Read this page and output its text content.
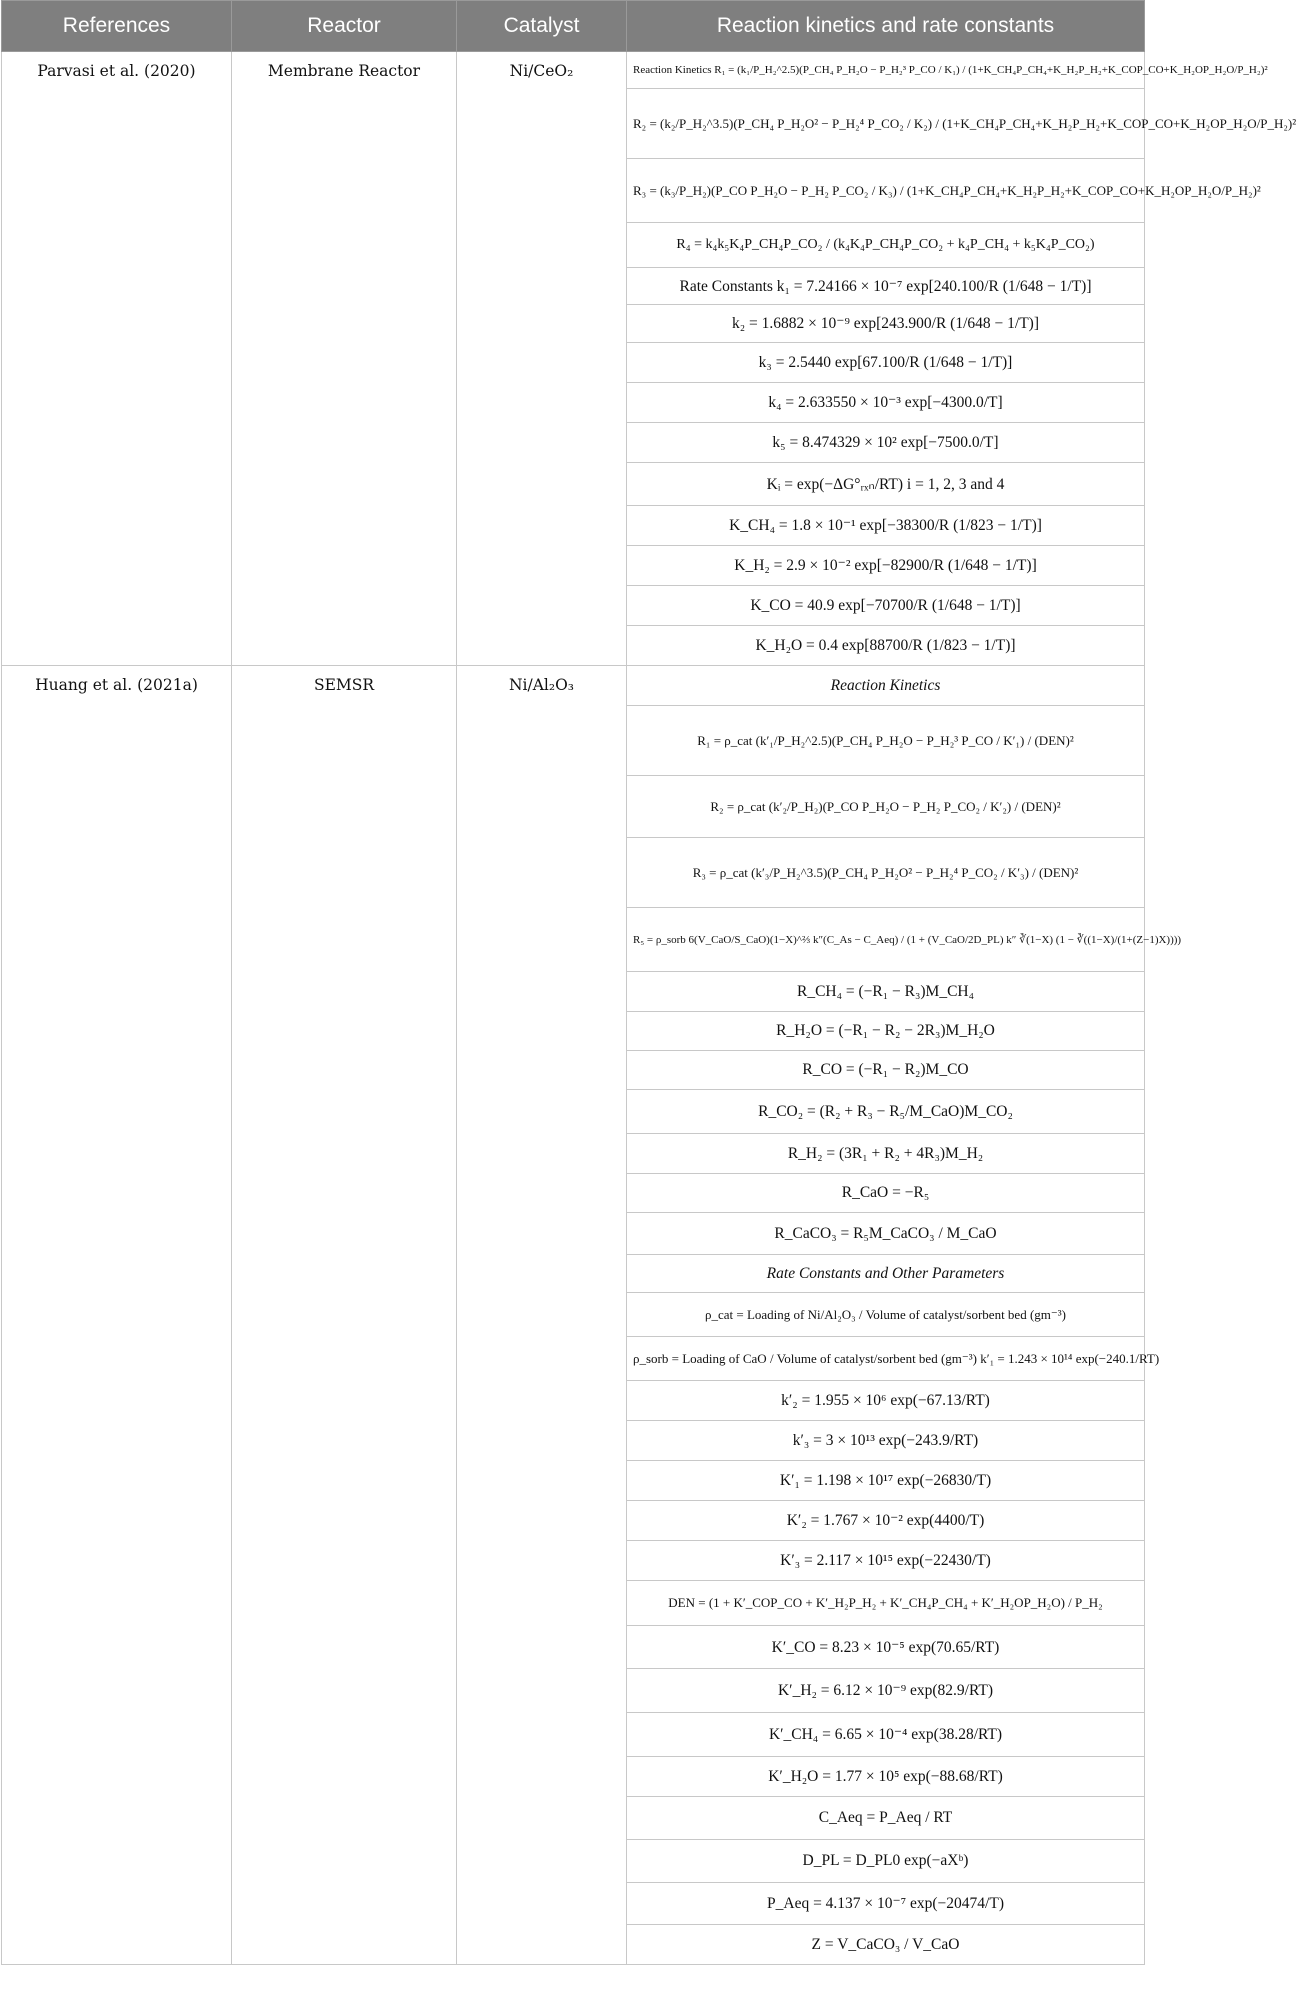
References	Reactor	Catalyst	Reaction kinetics and rate constants
Parvasi et al. (2020)	Membrane Reactor	Ni/CeO₂	Reaction Kinetics R₁ = (k₁/P_H₂^2.5)(P_CH₄ P_H₂O − P_H₂³ P_CO / K₁) / (1+K_CH₄P_CH₄+K_H₂P_H₂+K_COP_CO+K_H₂OP_H₂O/P_H₂)²
			R₂ = (k₂/P_H₂^3.5)(P_CH₄ P_H₂O² − P_H₂⁴ P_CO₂ / K₂) / (1+K_CH₄P_CH₄+K_H₂P_H₂+K_COP_CO+K_H₂OP_H₂O/P_H₂)²
			R₃ = (k₃/P_H₂)(P_CO P_H₂O − P_H₂ P_CO₂ / K₃) / (1+K_CH₄P_CH₄+K_H₂P_H₂+K_COP_CO+K_H₂OP_H₂O/P_H₂)²
			R₄ = k₄k₅K₄P_CH₄P_CO₂ / (k₄K₄P_CH₄P_CO₂ + k₄P_CH₄ + k₅K₄P_CO₂)
			Rate Constants k₁ = 7.24166 × 10⁻⁷ exp[240.100/R (1/648 − 1/T)]
			k₂ = 1.6882 × 10⁻⁹ exp[243.900/R (1/648 − 1/T)]
			k₃ = 2.5440 exp[67.100/R (1/648 − 1/T)]
			k₄ = 2.633550 × 10⁻³ exp[−4300.0/T]
			k₅ = 8.474329 × 10² exp[−7500.0/T]
			Kᵢ = exp(−ΔG°ᵣₓₙ/RT) i = 1, 2, 3 and 4
			K_CH₄ = 1.8 × 10⁻¹ exp[−38300/R (1/823 − 1/T)]
			K_H₂ = 2.9 × 10⁻² exp[−82900/R (1/648 − 1/T)]
			K_CO = 40.9 exp[−70700/R (1/648 − 1/T)]
			K_H₂O = 0.4 exp[88700/R (1/823 − 1/T)]
Huang et al. (2021a)	SEMSR	Ni/Al₂O₃	Reaction Kinetics
			R₁ = ρ_cat (k′₁/P_H₂^2.5)(P_CH₄ P_H₂O − P_H₂³ P_CO / K′₁) / (DEN)²
			R₂ = ρ_cat (k′₂/P_H₂)(P_CO P_H₂O − P_H₂ P_CO₂ / K′₂) / (DEN)²
			R₃ = ρ_cat (k′₃/P_H₂^3.5)(P_CH₄ P_H₂O² − P_H₂⁴ P_CO₂ / K′₃) / (DEN)²
			R₅ = ρ_sorb 6(V_CaO/S_CaO)(1−X)^⅔ k″(C_As − C_Aeq) / (1 + (V_CaO/2D_PL) k″ ∛(1−X) (1 − ∛((1−X)/(1+(Z−1)X))))
			R_CH₄ = (−R₁ − R₃)M_CH₄
			R_H₂O = (−R₁ − R₂ − 2R₃)M_H₂O
			R_CO = (−R₁ − R₂)M_CO
			R_CO₂ = (R₂ + R₃ − R₅/M_CaO)M_CO₂
			R_H₂ = (3R₁ + R₂ + 4R₃)M_H₂
			R_CaO = −R₅
			R_CaCO₃ = R₅M_CaCO₃ / M_CaO
			Rate Constants and Other Parameters
			ρ_cat = Loading of Ni/Al₂O₃ / Volume of catalyst/sorbent bed (gm⁻³)
			ρ_sorb = Loading of CaO / Volume of catalyst/sorbent bed (gm⁻³) k′₁ = 1.243 × 10¹⁴ exp(−240.1/RT)
			k′₂ = 1.955 × 10⁶ exp(−67.13/RT)
			k′₃ = 3 × 10¹³ exp(−243.9/RT)
			K′₁ = 1.198 × 10¹⁷ exp(−26830/T)
			K′₂ = 1.767 × 10⁻² exp(4400/T)
			K′₃ = 2.117 × 10¹⁵ exp(−22430/T)
			DEN = (1 + K′_COP_CO + K′_H₂P_H₂ + K′_CH₄P_CH₄ + K′_H₂OP_H₂O) / P_H₂
			K′_CO = 8.23 × 10⁻⁵ exp(70.65/RT)
			K′_H₂ = 6.12 × 10⁻⁹ exp(82.9/RT)
			K′_CH₄ = 6.65 × 10⁻⁴ exp(38.28/RT)
			K′_H₂O = 1.77 × 10⁵ exp(−88.68/RT)
			C_Aeq = P_Aeq / RT
			D_PL = D_PL0 exp(−aXᵇ)
			P_Aeq = 4.137 × 10⁻⁷ exp(−20474/T)
			Z = V_CaCO₃ / V_CaO
